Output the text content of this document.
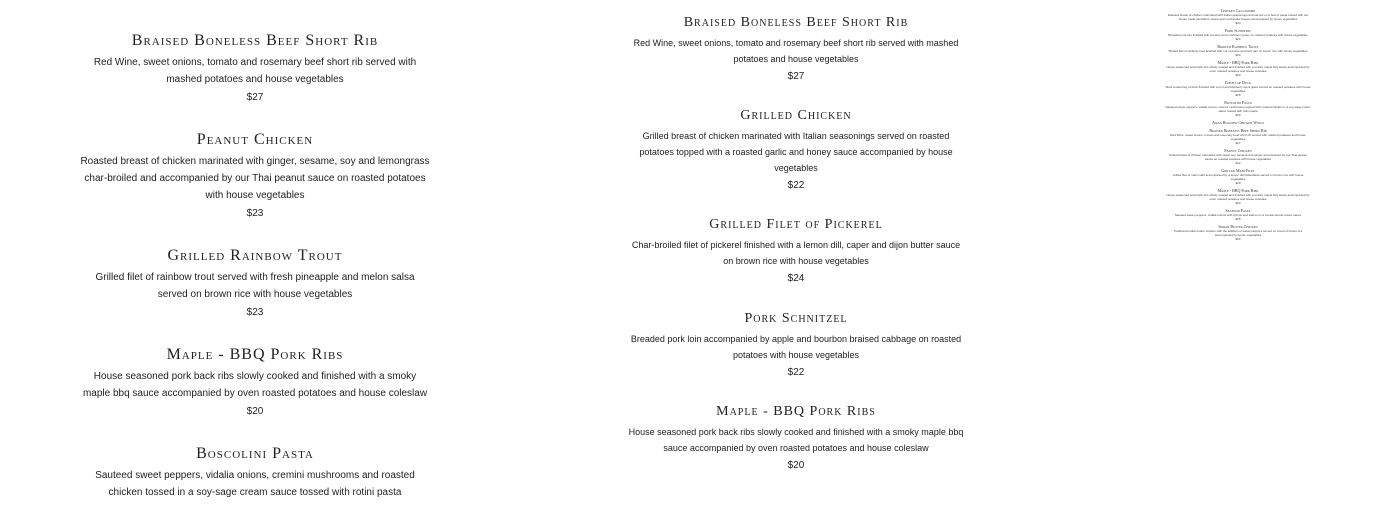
Braised Boneless Beef Short Rib

Red Wine, sweet onions, tomato and rosemary beef short rib served with mashed potatoes and house vegetables

$27

Peanut Chicken

Roasted breast of chicken marinated with ginger, sesame, soy and lemongrass char-broiled and accompanied by our Thai peanut sauce on roasted potatoes with house vegetables

$23

Grilled Rainbow Trout

Grilled filet of rainbow trout served with fresh pineapple and melon salsa served on brown rice with house vegetables

$23

Maple - BBQ Pork Ribs

House seasoned pork back ribs slowly cooked and finished with a smoky maple bbq sauce accompanied by oven roasted potatoes and house coleslaw

$20

Boscolini Pasta

Sauteed sweet peppers, vidalia onions, cremini mushrooms and roasted chicken tossed in a soy-sage cream sauce tossed with rotini pasta

Braised Boneless Beef Short Rib

Red Wine, sweet onions, tomato and rosemary beef short rib served with mashed potatoes and house vegetables

$27

Grilled Chicken

Grilled breast of chicken marinated with Italian seasonings served on roasted potatoes topped with a roasted garlic and honey sauce accompanied by house vegetables

$22

Grilled Filet of Pickerel

Char-broiled filet of pickerel finished with a lemon dill, caper and dijon butter sauce on brown rice with house vegetables

$24

Pork Schnitzel

Breaded pork loin accompanied by apple and bourbon braised cabbage on roasted potatoes with house vegetables

$22

Maple - BBQ Pork Ribs

House seasoned pork back ribs slowly cooked and finished with a smoky maple bbq sauce accompanied by oven roasted potatoes and house coleslaw

$20

Chicken Cacciatore

Roasted breast of chicken marinated with Italian seasonings and served on a bed of pasta tossed with our house made cacciatore sauce and mozzarella cheese accompanied by house vegetables

$23

Pork Schnitzel

Breaded pork loin finished with a bacon and mushroom gravy on roasted potatoes with house vegetables

$23

Broiled Rainbow Trout

Broiled filet of rainbow trout finished with our red wine and herb jam on brown rice with house vegetables

$23

Maple - BBQ Pork Ribs

House seasoned pork back ribs slowly cooked and finished with a smoky maple bbq sauce accompanied by oven roasted potatoes and house coleslaw

$20

Confit of Duck

Slow cooked leg of duck finished with a port and blueberry demi glaze served on roasted potatoes with house vegetables

$25

Boscolini Pasta

Sauteed sweet peppers, vidalia onions, cremini mushrooms topped with roasted chicken in a soy-sage cream sauce tossed with rotini pasta

$19

Asian Roasted Chicken Wings

Braised Boneless Beef Short Rib

Red Wine, sweet onions, tomato and rosemary beef short rib served with mashed potatoes and house vegetables

$27

Peanut Chicken

Grilled breast of chicken marinated with sweet soy, sesame and ginger accompanied by our Thai peanut sauce on roasted potatoes with house vegetables

$22

Grilled Mahi Filet

Grilled filet of mahi mahi accompanied by a lemon dill hollandaise served on brown rice with house vegetables

$23

Maple - BBQ Pork Ribs

House seasoned pork back ribs slowly cooked and finished with a smoky maple bbq sauce accompanied by oven roasted potatoes and house coleslaw

$20

Seafood Pasta

Sauteed sweet peppers, vidalia onions with shrimp and salmon in a tomato-fennel cream sauce

$25

Indian Butter Chicken

Traditional Indian butter chicken with the addition of sweet peppers served on a bed of brown rice accompanied by house vegetables

$23
